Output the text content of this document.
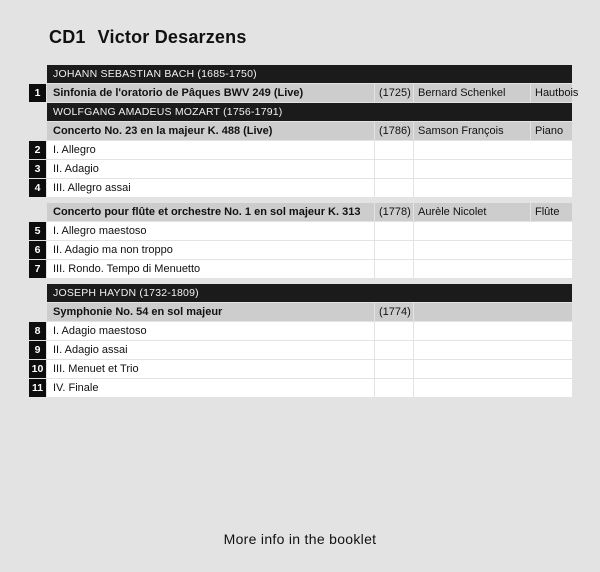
CD1 Victor Desarzens
JOHANN SEBASTIAN BACH (1685-1750)
1	Sinfonia de l'oratorio de Pâques BWV 249 (Live)	(1725) Bernard Schenkel	Hautbois
WOLFGANG AMADEUS MOZART (1756-1791)
Concerto No. 23 en la majeur K. 488 (Live)	(1786) Samson François	Piano
2	I. Allegro
3	II. Adagio
4	III. Allegro assai
Concerto pour flûte et orchestre No. 1 en sol majeur K. 313	(1778) Aurèle Nicolet	Flûte
5	I. Allegro maestoso
6	II. Adagio ma non troppo
7	III. Rondo. Tempo di Menuetto
JOSEPH HAYDN (1732-1809)
Symphonie No. 54 en sol majeur	(1774)
8	I. Adagio maestoso
9	II. Adagio assai
10 III. Menuet et Trio
11 IV. Finale
More info in the booklet
